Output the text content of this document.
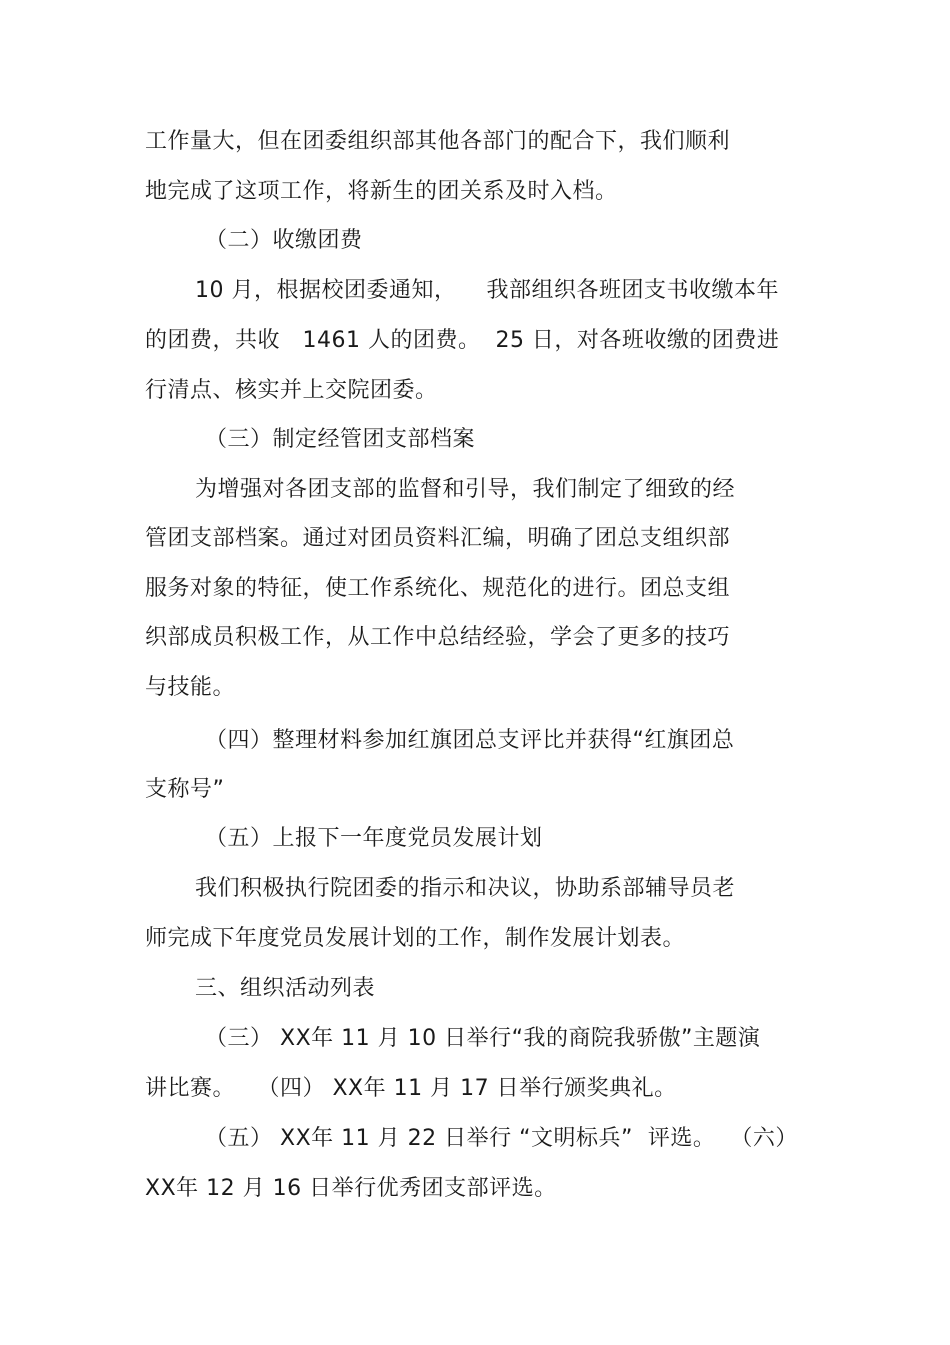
工作量大，但在团委组织部其他各部门的配合下，我们顺利
地完成了这项工作，将新生的团关系及时入档。
（二）收缴团费
10 月，根据校团委通知，    我部组织各班团支书收缴本年
的团费，共收   1461 人的团费。  25 日，对各班收缴的团费进
行清点、核实并上交院团委。
（三）制定经管团支部档案
为增强对各团支部的监督和引导，我们制定了细致的经
管团支部档案。通过对团员资料汇编，明确了团总支组织部
服务对象的特征，使工作系统化、规范化的进行。团总支组
织部成员积极工作，从工作中总结经验，学会了更多的技巧
与技能。
（四）整理材料参加红旗团总支评比并获得“红旗团总
支称号”
（五）上报下一年度党员发展计划
我们积极执行院团委的指示和决议，协助系部辅导员老
师完成下年度党员发展计划的工作，制作发展计划表。
三、组织活动列表
（三） XX年 11 月 10 日举行“我的商院我骄傲”主题演
讲比赛。   （四） XX年 11 月 17 日举行颁奖典礼。
（五） XX年 11 月 22 日举行 “文明标兵”  评选。  （六）
XX年 12 月 16 日举行优秀团支部评选。
